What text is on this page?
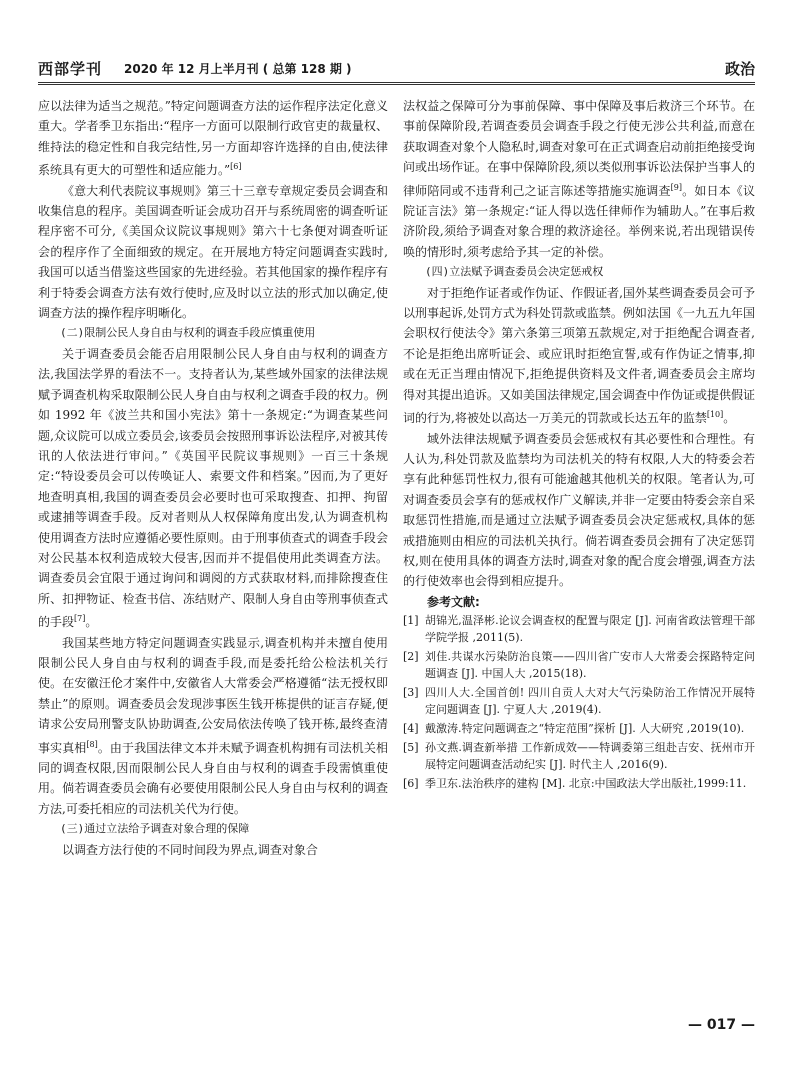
西部学刊 2020 年 12 月上半月刊 ( 总第 128 期 )	政治

应以法律为适当之规范。”特定问题调查方法的运作程序法定化意义重大。学者季卫东指出:“程序一方面可以限制行政官吏的裁量权、维持法的稳定性和自我完结性,另一方面却容许选择的自由,使法律系统具有更大的可塑性和适应能力。”[6]

《意大利代表院议事规则》第三十三章专章规定委员会调查和收集信息的程序。美国调查听证会成功召开与系统周密的调查听证程序密不可分,《美国众议院议事规则》第六十七条便对调查听证会的程序作了全面细致的规定。在开展地方特定问题调查实践时,我国可以适当借鉴这些国家的先进经验。若其他国家的操作程序有利于特委会调查方法有效行使时,应及时以立法的形式加以确定,使调查方法的操作程序明晰化。

(二)限制公民人身自由与权利的调查手段应慎重使用

关于调查委员会能否启用限制公民人身自由与权利的调查方法,我国法学界的看法不一。支持者认为,某些域外国家的法律法规赋予调查机构采取限制公民人身自由与权利之调查手段的权力。例如 1992 年《波兰共和国小宪法》第十一条规定:“为调查某些问题,众议院可以成立委员会,该委员会按照刑事诉讼法程序,对被其传讯的人依法进行审问。”《英国平民院议事规则》一百三十条规定:“特设委员会可以传唤证人、索要文件和档案。”因而,为了更好地查明真相,我国的调查委员会必要时也可采取搜查、扣押、拘留或逮捕等调查手段。反对者则从人权保障角度出发,认为调查机构使用调查方法时应遵循必要性原则。由于刑事侦查式的调查手段会对公民基本权利造成较大侵害,因而并不提倡使用此类调查方法。调查委员会宜限于通过询问和调阅的方式获取材料,而排除搜查住所、扣押物证、检查书信、冻结财产、限制人身自由等刑事侦查式的手段[7]。

我国某些地方特定问题调查实践显示,调查机构并未擅自使用限制公民人身自由与权利的调查手段,而是委托给公检法机关行使。在安徽汪伦才案件中,安徽省人大常委会严格遵循“法无授权即禁止”的原则。调查委员会发现涉事医生钱开栋提供的证言存疑,便请求公安局刑警支队协助调查,公安局依法传唤了钱开栋,最终查清事实真相[8]。由于我国法律文本并未赋予调查机构拥有司法机关相同的调查权限,因而限制公民人身自由与权利的调查手段需慎重使用。倘若调查委员会确有必要使用限制公民人身自由与权利的调查方法,可委托相应的司法机关代为行使。

(三)通过立法给予调查对象合理的保障

以调查方法行使的不同时间段为界点,调查对象合

法权益之保障可分为事前保障、事中保障及事后救济三个环节。在事前保障阶段,若调查委员会调查手段之行使无涉公共利益,而意在获取调查对象个人隐私时,调查对象可在正式调查启动前拒绝接受询问或出场作证。在事中保障阶段,须以类似刑事诉讼法保护当事人的律师陪同或不违背利己之证言陈述等措施实施调查[9]。如日本《议院证言法》第一条规定:“证人得以选任律师作为辅助人。”在事后救济阶段,须给予调查对象合理的救济途径。举例来说,若出现错误传唤的情形时,须考虑给予其一定的补偿。

(四)立法赋予调查委员会决定惩戒权

对于拒绝作证者或作伪证、作假证者,国外某些调查委员会可予以刑事起诉,处罚方式为科处罚款或监禁。例如法国《一九五九年国会职权行使法令》第六条第三项第五款规定,对于拒绝配合调查者,不论是拒绝出席听证会、或应讯时拒绝宣誓,或有作伪证之情事,抑或在无正当理由情况下,拒绝提供资料及文件者,调查委员会主席均得对其提出追诉。又如美国法律规定,国会调查中作伪证或提供假证词的行为,将被处以高达一万美元的罚款或长达五年的监禁[10]。

域外法律法规赋予调查委员会惩戒权有其必要性和合理性。有人认为,科处罚款及监禁均为司法机关的特有权限,人大的特委会若享有此种惩罚性权力,很有可能逾越其他机关的权限。笔者认为,可对调查委员会享有的惩戒权作广义解读,并非一定要由特委会亲自采取惩罚性措施,而是通过立法赋予调查委员会决定惩戒权,具体的惩戒措施则由相应的司法机关执行。倘若调查委员会拥有了决定惩罚权,则在使用具体的调查方法时,调查对象的配合度会增强,调查方法的行使效率也会得到相应提升。

参考文献:

[1] 胡锦光,温泽彬.论议会调查权的配置与限定 [J]. 河南省政法管理干部学院学报 ,2011(5).
[2] 刘佳.共谋水污染防治良策——四川省广安市人大常委会探路特定问题调查 [J]. 中国人大 ,2015(18).
[3] 四川人大.全国首创! 四川自贡人大对大气污染防治工作情况开展特定问题调查 [J]. 宁夏人大 ,2019(4).
[4] 戴激涛.特定问题调查之“特定范围”探析 [J]. 人大研究 ,2019(10).
[5] 孙文燕.调查新举措 工作新成效——特调委第三组赴吉安、抚州市开展特定问题调查活动纪实 [J]. 时代主人 ,2016(9).
[6] 季卫东.法治秩序的建构 [M]. 北京:中国政法大学出版社,1999:11.
— 017 —
